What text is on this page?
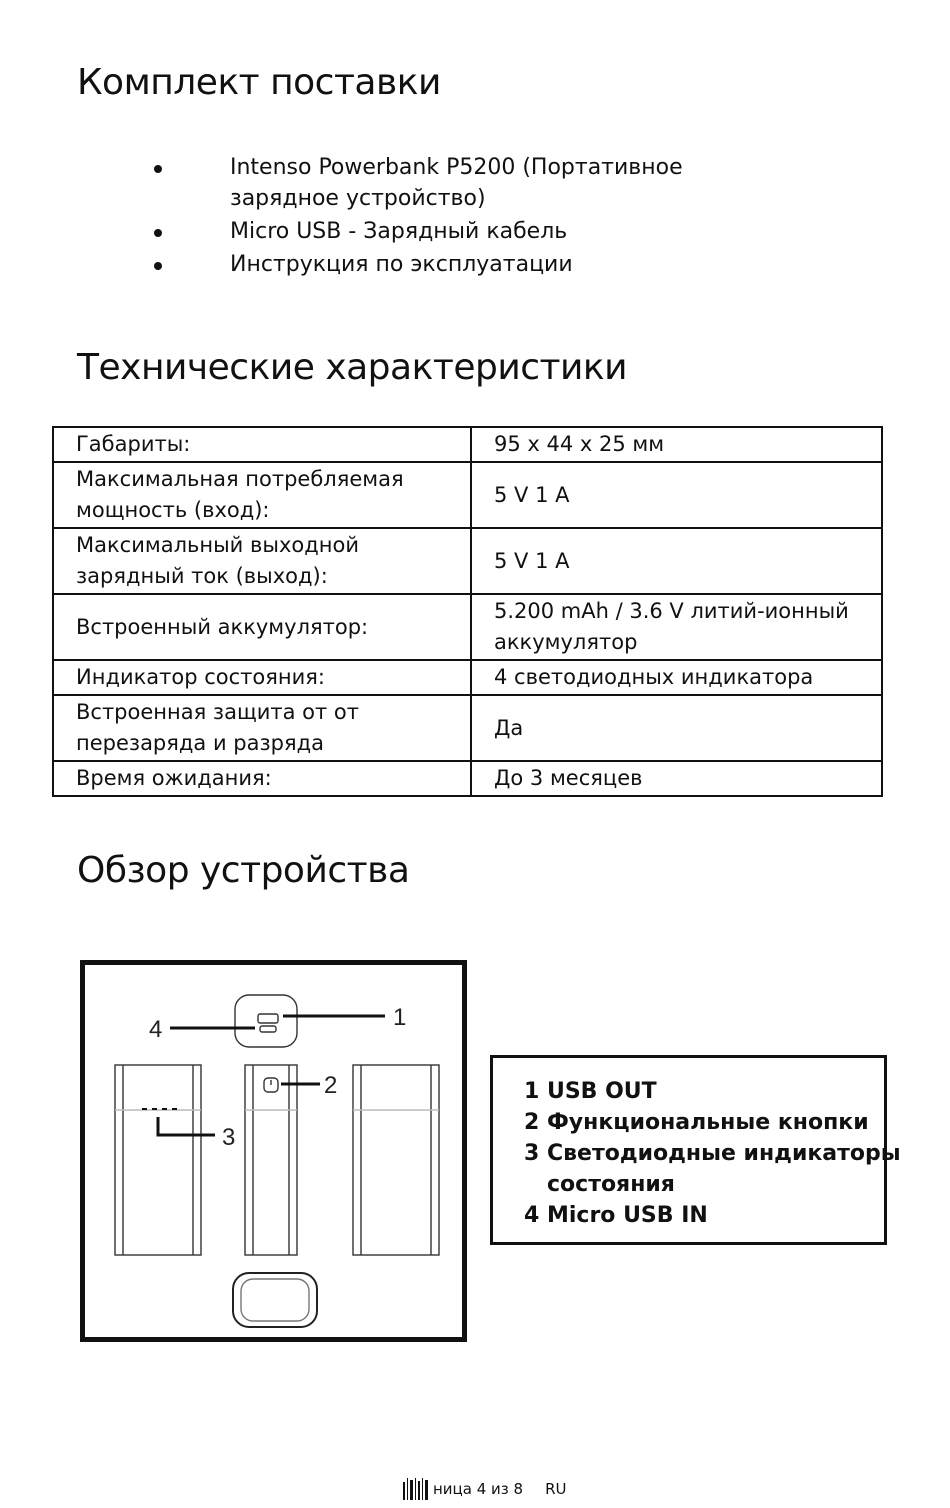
Комплект поставки
Intenso Powerbank P5200 (Портативное зарядное устройство)
Micro USB - Зарядный кабель
Инструкция по эксплуатации
Технические характеристики
Габариты:	95 x 44 x 25 мм
Максимальная потребляемая мощность (вход):	5 V 1 A
Максимальный выходной зарядный ток (выход):	5 V 1 A
Встроенный аккумулятор:	5.200 mAh / 3.6 V литий-ионный аккумулятор
Индикатор состояния:	4 светодиодных индикатора
Встроенная защита от от перезаряда и разряда	Да
Время ожидания:	До 3 месяцев
Обзор устройства
4	1
3
2	1 USB OUT
2 Функциональные кнопки
3 Светодиодные индикаторы
состояния
4 Micro USB IN
ница 4 из 8 RU
